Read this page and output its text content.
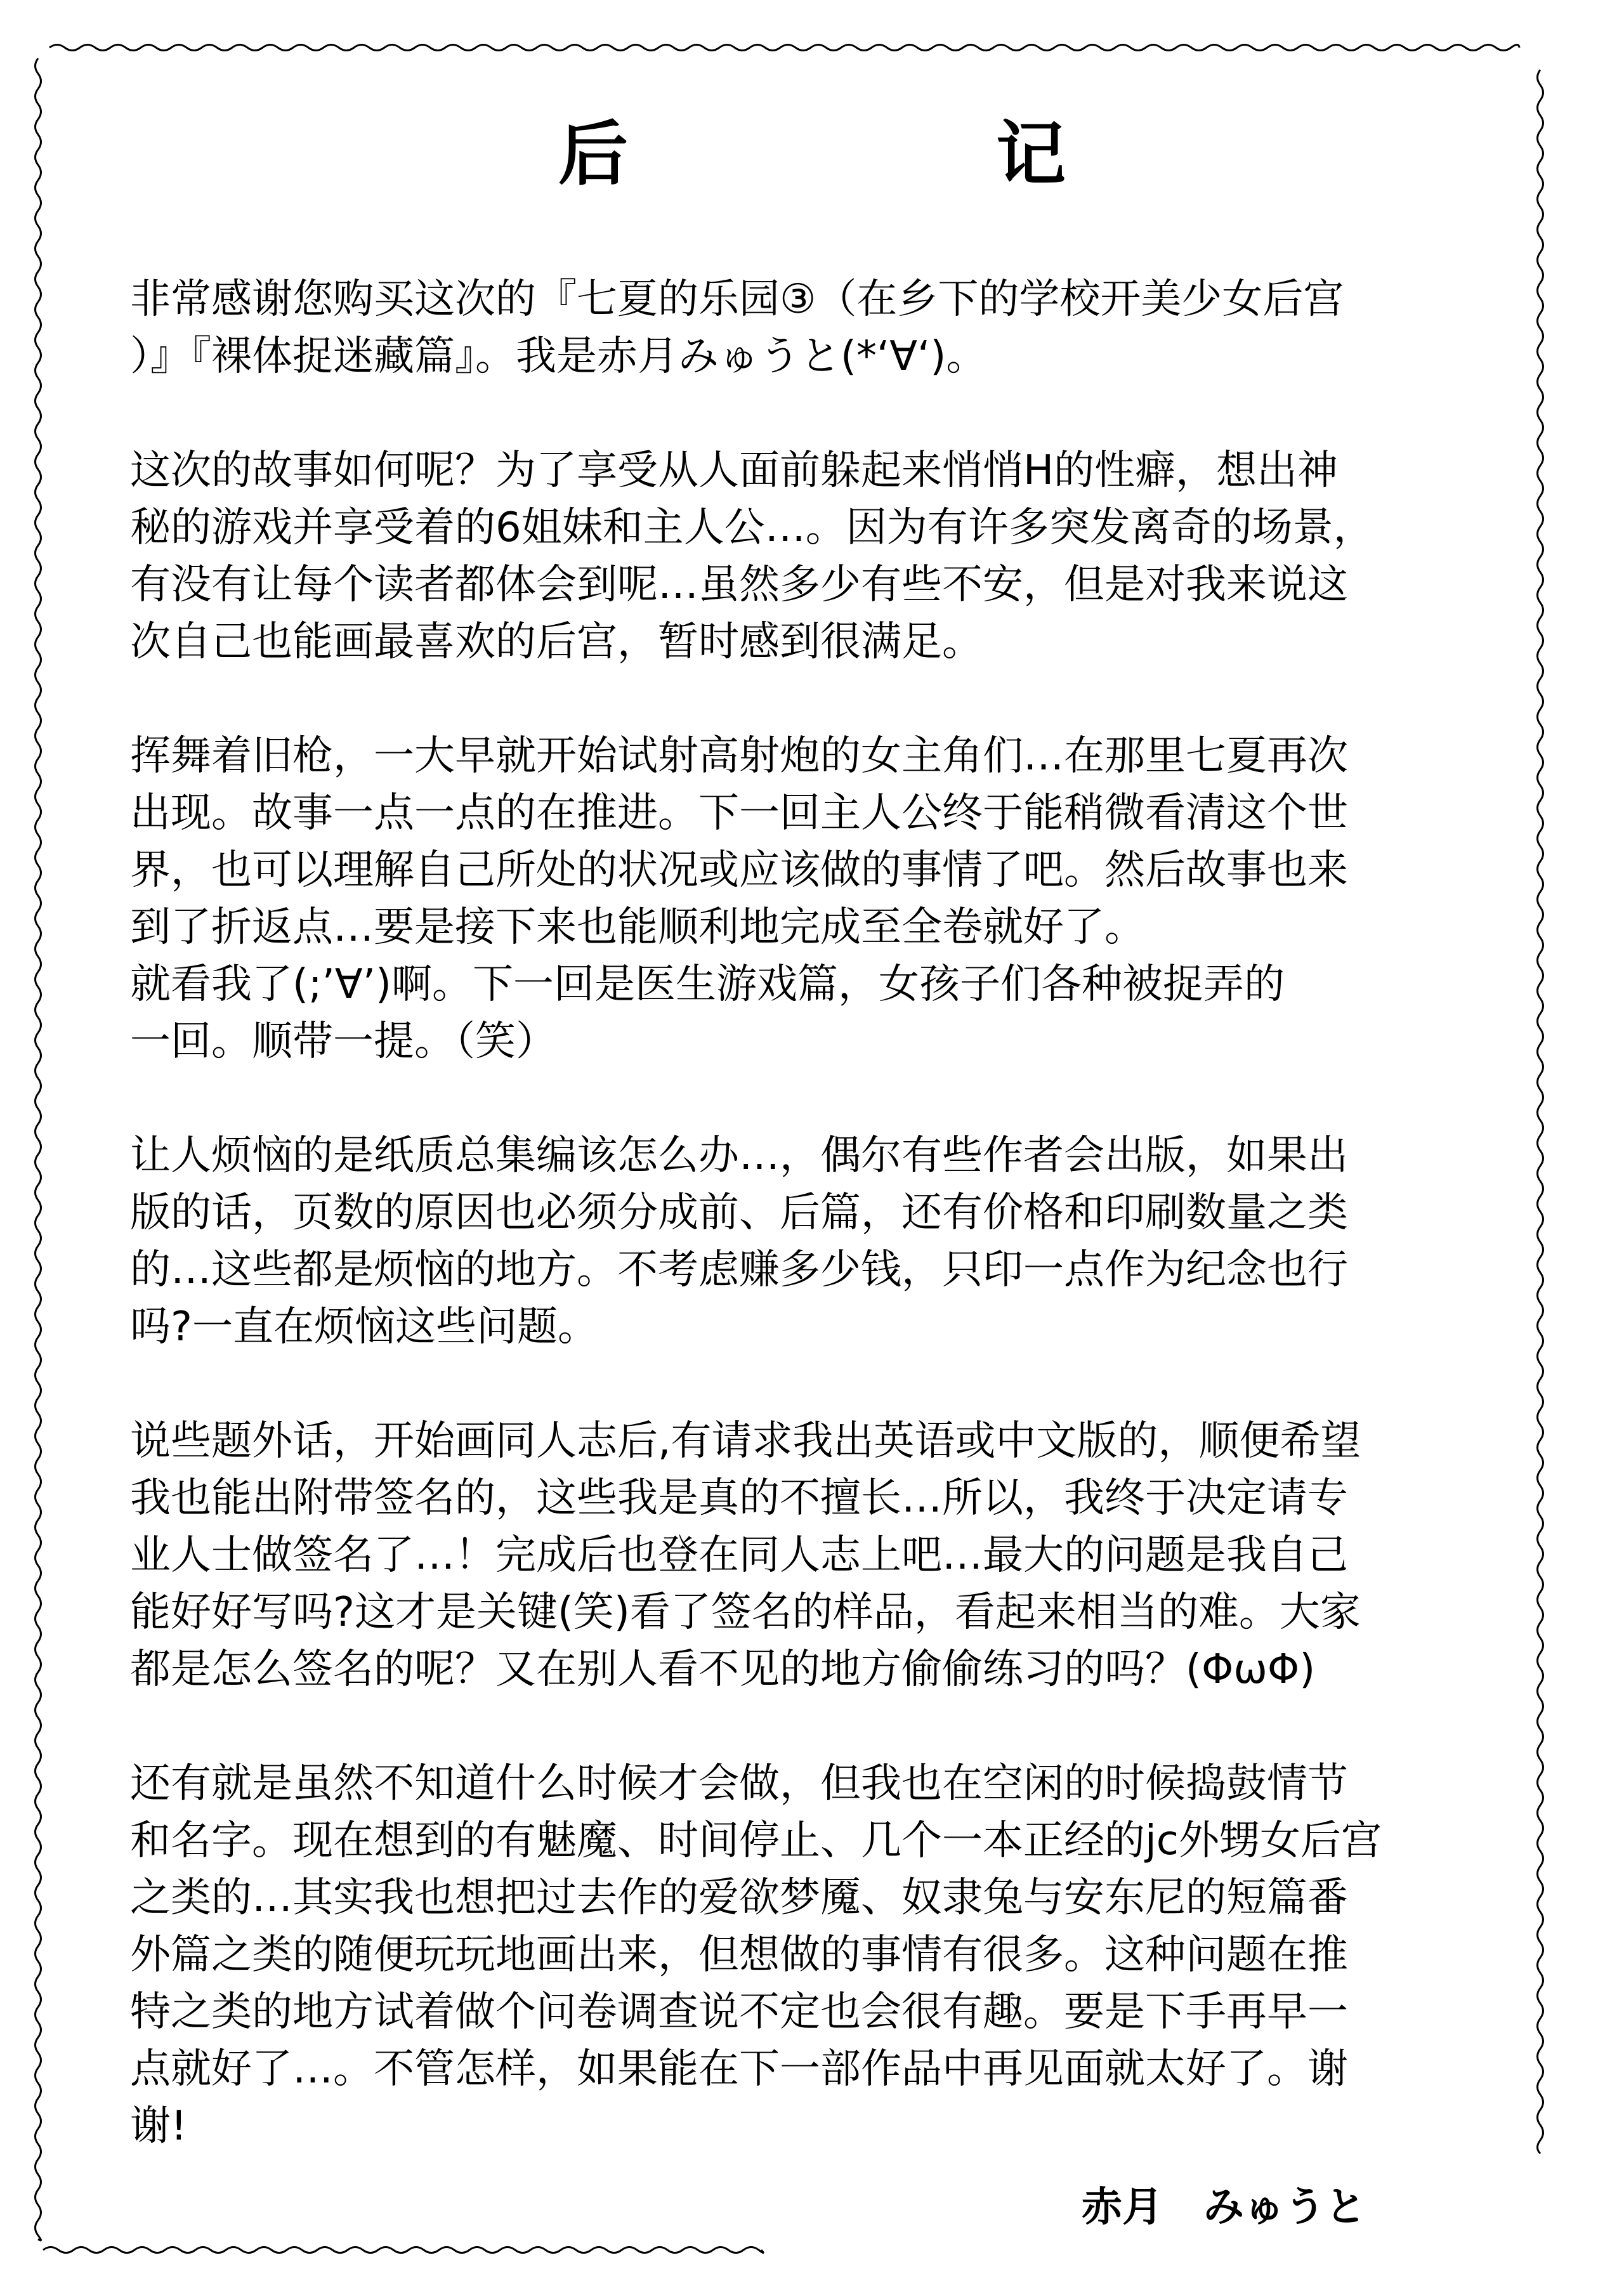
后	记
非常感谢您购买这次的『七夏的乐园③（在乡下的学校开美少女后宫
）』『裸体捉迷藏篇』。我是赤月みゅうと(*‘∀‘)。
这次的故事如何呢？为了享受从人面前躲起来悄悄H的性癖，想出神
秘的游戏并享受着的6姐妹和主人公…。因为有许多突发离奇的场景，
有没有让每个读者都体会到呢…虽然多少有些不安，但是对我来说这
次自己也能画最喜欢的后宫，暂时感到很满足。
挥舞着旧枪，一大早就开始试射高射炮的女主角们…在那里七夏再次
出现。故事一点一点的在推进。下一回主人公终于能稍微看清这个世
界，也可以理解自己所处的状况或应该做的事情了吧。然后故事也来
到了折返点…要是接下来也能顺利地完成至全卷就好了。
就看我了(;’∀’)啊。下一回是医生游戏篇，女孩子们各种被捉弄的
一回。顺带一提。（笑）
让人烦恼的是纸质总集编该怎么办…，偶尔有些作者会出版，如果出
版的话，页数的原因也必须分成前、后篇，还有价格和印刷数量之类
的…这些都是烦恼的地方。不考虑赚多少钱，只印一点作为纪念也行
吗?一直在烦恼这些问题。
说些题外话，开始画同人志后,有请求我出英语或中文版的，顺便希望
我也能出附带签名的，这些我是真的不擅长…所以，我终于决定请专
业人士做签名了…！完成后也登在同人志上吧…最大的问题是我自己
能好好写吗?这才是关键(笑)看了签名的样品，看起来相当的难。大家
都是怎么签名的呢？又在别人看不见的地方偷偷练习的吗？(ΦωΦ)
还有就是虽然不知道什么时候才会做，但我也在空闲的时候捣鼓情节
和名字。现在想到的有魅魔、时间停止、几个一本正经的jc外甥女后宫
之类的…其实我也想把过去作的爱欲梦魇、奴隶兔与安东尼的短篇番
外篇之类的随便玩玩地画出来，但想做的事情有很多。这种问题在推
特之类的地方试着做个问卷调查说不定也会很有趣。要是下手再早一
点就好了…。不管怎样，如果能在下一部作品中再见面就太好了。谢
谢!
赤月　みゅうと
